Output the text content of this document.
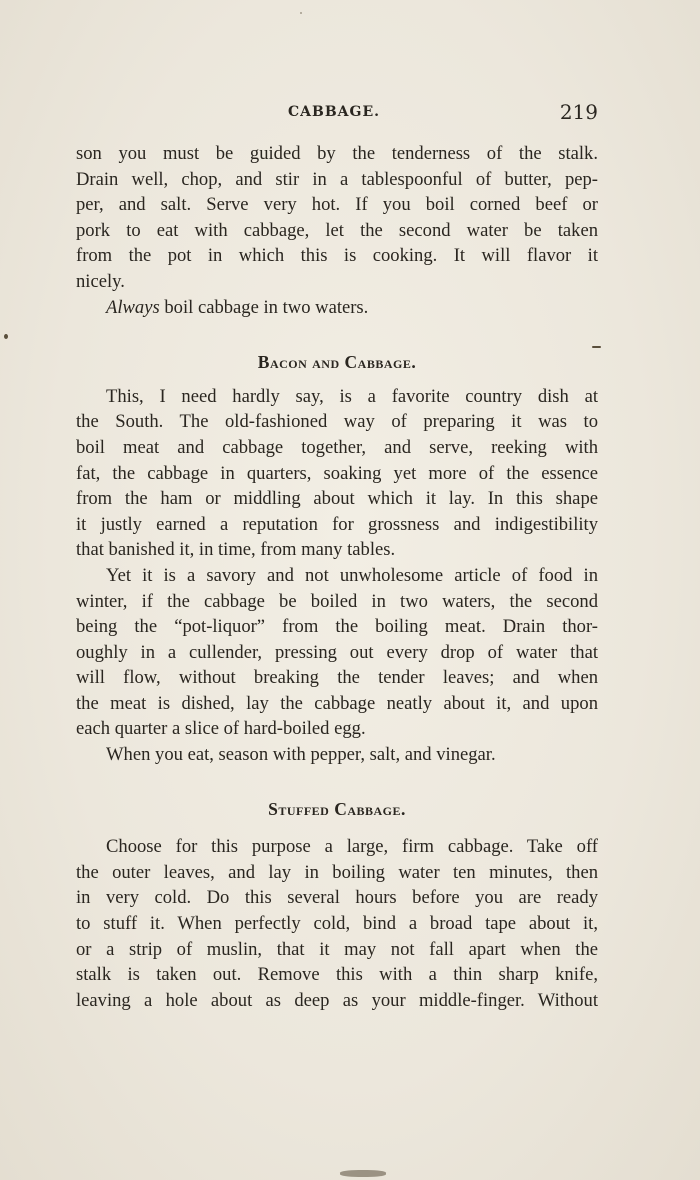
CABBAGE.	219
son you must be guided by the tenderness of the stalk.
Drain well, chop, and stir in a tablespoonful of butter, pep-
per, and salt. Serve very hot. If you boil corned beef or
pork to eat with cabbage, let the second water be taken
from the pot in which this is cooking. It will flavor it
nicely.
Always boil cabbage in two waters.
Bacon and Cabbage.
This, I need hardly say, is a favorite country dish at
the South. The old-fashioned way of preparing it was to
boil meat and cabbage together, and serve, reeking with
fat, the cabbage in quarters, soaking yet more of the essence
from the ham or middling about which it lay. In this shape
it justly earned a reputation for grossness and indigestibility
that banished it, in time, from many tables.
Yet it is a savory and not unwholesome article of food in
winter, if the cabbage be boiled in two waters, the second
being the “pot-liquor” from the boiling meat. Drain thor-
oughly in a cullender, pressing out every drop of water that
will flow, without breaking the tender leaves; and when
the meat is dished, lay the cabbage neatly about it, and upon
each quarter a slice of hard-boiled egg.
When you eat, season with pepper, salt, and vinegar.
Stuffed Cabbage.
Choose for this purpose a large, firm cabbage. Take off
the outer leaves, and lay in boiling water ten minutes, then
in very cold. Do this several hours before you are ready
to stuff it. When perfectly cold, bind a broad tape about it,
or a strip of muslin, that it may not fall apart when the
stalk is taken out. Remove this with a thin sharp knife,
leaving a hole about as deep as your middle-finger. Without
